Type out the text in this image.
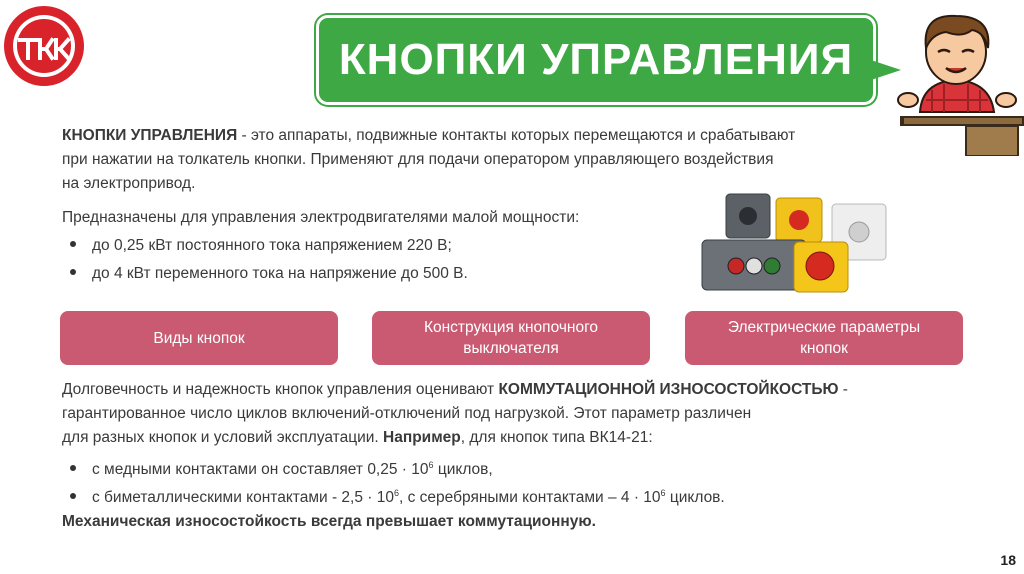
КНОПКИ УПРАВЛЕНИЯ
КНОПКИ УПРАВЛЕНИЯ - это аппараты, подвижные контакты которых перемещаются и срабатывают
при нажатии на толкатель кнопки. Применяют для подачи оператором управляющего воздействия
на электропривод.
Предназначены для управления электродвигателями малой мощности:
до 0,25 кВт постоянного тока напряжением 220 В;
до 4 кВт переменного тока на напряжение до 500 В.
Виды кнопок
Конструкция кнопочного
выключателя
Электрические параметры
кнопок
Долговечность и надежность кнопок управления оценивают КОММУТАЦИОННОЙ ИЗНОСОСТОЙКОСТЬЮ -
гарантированное число циклов включений-отключений под нагрузкой. Этот параметр различен
для разных кнопок и условий эксплуатации. Например, для кнопок типа ВК14-21:
с медными контактами он составляет $0,25 \cdot 10^6$ циклов,
с биметаллическими контактами - $2,5 \cdot 10^6$, с серебряными контактами – $4 \cdot 10^6$ циклов.
Механическая износостойкость всегда превышает коммутационную.
18
